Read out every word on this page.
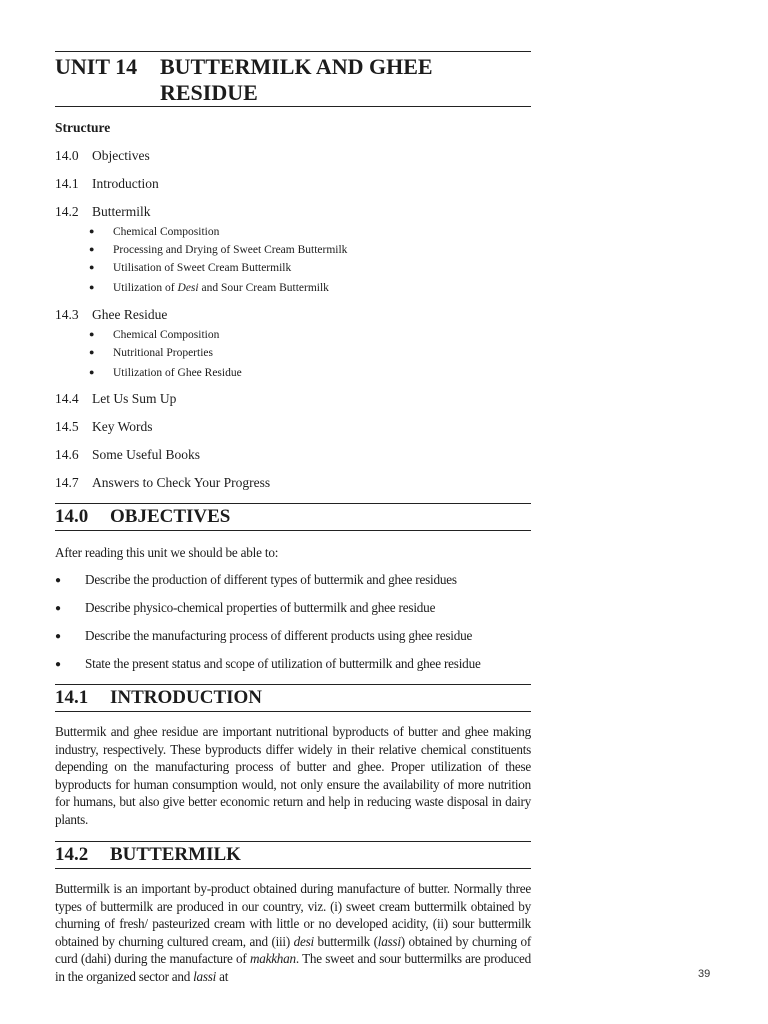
UNIT 14 BUTTERMILK AND GHEE RESIDUE
Structure
14.0 Objectives
14.1 Introduction
14.2 Buttermilk
● Chemical Composition
● Processing and Drying of Sweet Cream Buttermilk
● Utilisation of Sweet Cream Buttermilk
● Utilization of Desi and Sour Cream Buttermilk
14.3 Ghee Residue
● Chemical Composition
● Nutritional Properties
● Utilization of Ghee Residue
14.4 Let Us Sum Up
14.5 Key Words
14.6 Some Useful Books
14.7 Answers to Check Your Progress
14.0 OBJECTIVES
After reading this unit we should be able to:
● Describe the production of different types of buttermik and ghee residues
● Describe physico-chemical properties of buttermilk and ghee residue
● Describe the manufacturing process of different products using ghee residue
● State the present status and scope of utilization of buttermilk and ghee residue
14.1 INTRODUCTION
Buttermik and ghee residue are important nutritional byproducts of butter and ghee making industry, respectively. These byproducts differ widely in their relative chemical constituents depending on the manufacturing process of butter and ghee. Proper utilization of these byproducts for human consumption would, not only ensure the availability of more nutrition for humans, but also give better economic return and help in reducing waste disposal in dairy plants.
14.2 BUTTERMILK
Buttermilk is an important by-product obtained during manufacture of butter. Normally three types of buttermilk are produced in our country, viz. (i) sweet cream buttermilk obtained by churning of fresh/ pasteurized cream with little or no developed acidity, (ii) sour buttermilk obtained by churning cultured cream, and (iii) desi buttermilk (lassi) obtained by churning of curd (dahi) during the manufacture of makkhan. The sweet and sour buttermilks are produced in the organized sector and lassi at	39
